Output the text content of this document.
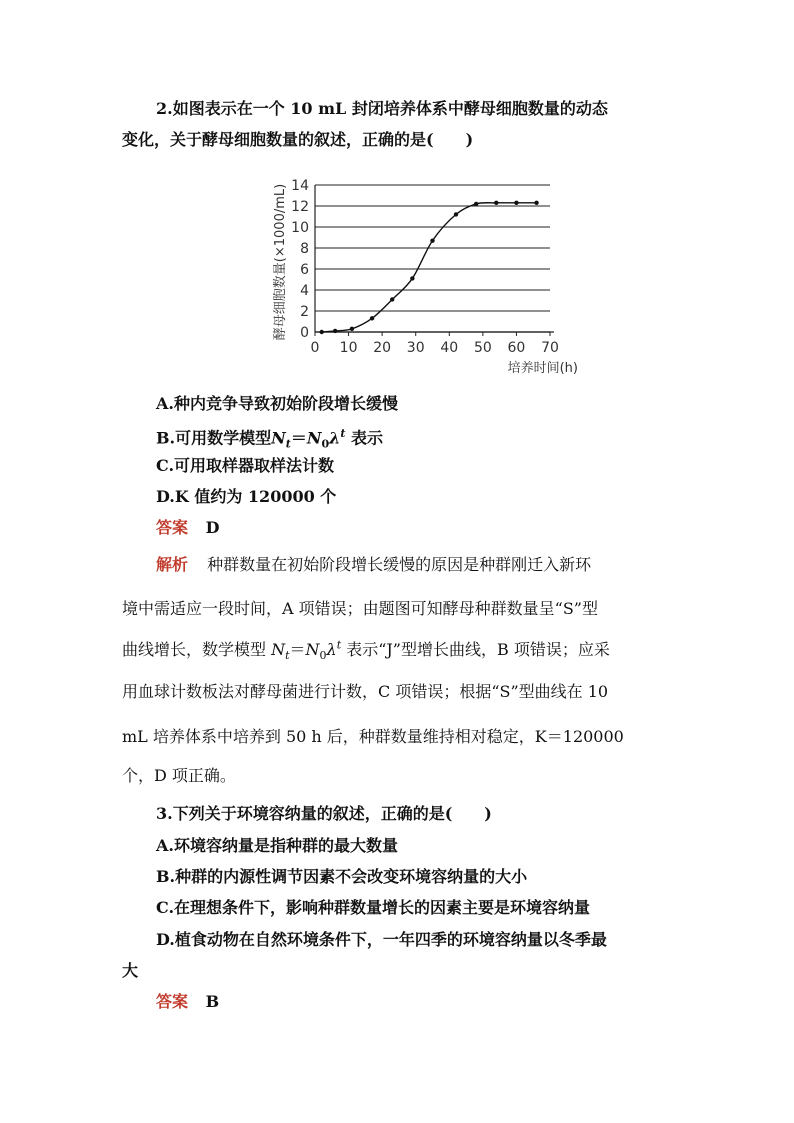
2.如图表示在一个 10 mL 封闭培养体系中酵母细胞数量的动态
变化，关于酵母细胞数量的叙述，正确的是(　　)
0
2
4
6
8
10
12
14
0 10 20 30 40 50 60 70
酵母细胞数量(×1000/mL)
培养时间(h)
A.种内竞争导致初始阶段增长缓慢
B.可用数学模型$N_t=N_0\lambda^t$ 表示
C.可用取样器取样法计数
D.K 值约为 120000 个
答案 D
解析 种群数量在初始阶段增长缓慢的原因是种群刚迁入新环
境中需适应一段时间，A 项错误；由题图可知酵母种群数量呈“S”型
曲线增长，数学模型 $N_t=N_0\lambda^t$ 表示“J”型增长曲线，B 项错误；应采
用血球计数板法对酵母菌进行计数，C 项错误；根据“S”型曲线在 10
mL 培养体系中培养到 50 h 后，种群数量维持相对稳定，K＝120000
个，D 项正确。
3.下列关于环境容纳量的叙述，正确的是(　　)
A.环境容纳量是指种群的最大数量
B.种群的内源性调节因素不会改变环境容纳量的大小
C.在理想条件下，影响种群数量增长的因素主要是环境容纳量
D.植食动物在自然环境条件下，一年四季的环境容纳量以冬季最
大
答案 B
